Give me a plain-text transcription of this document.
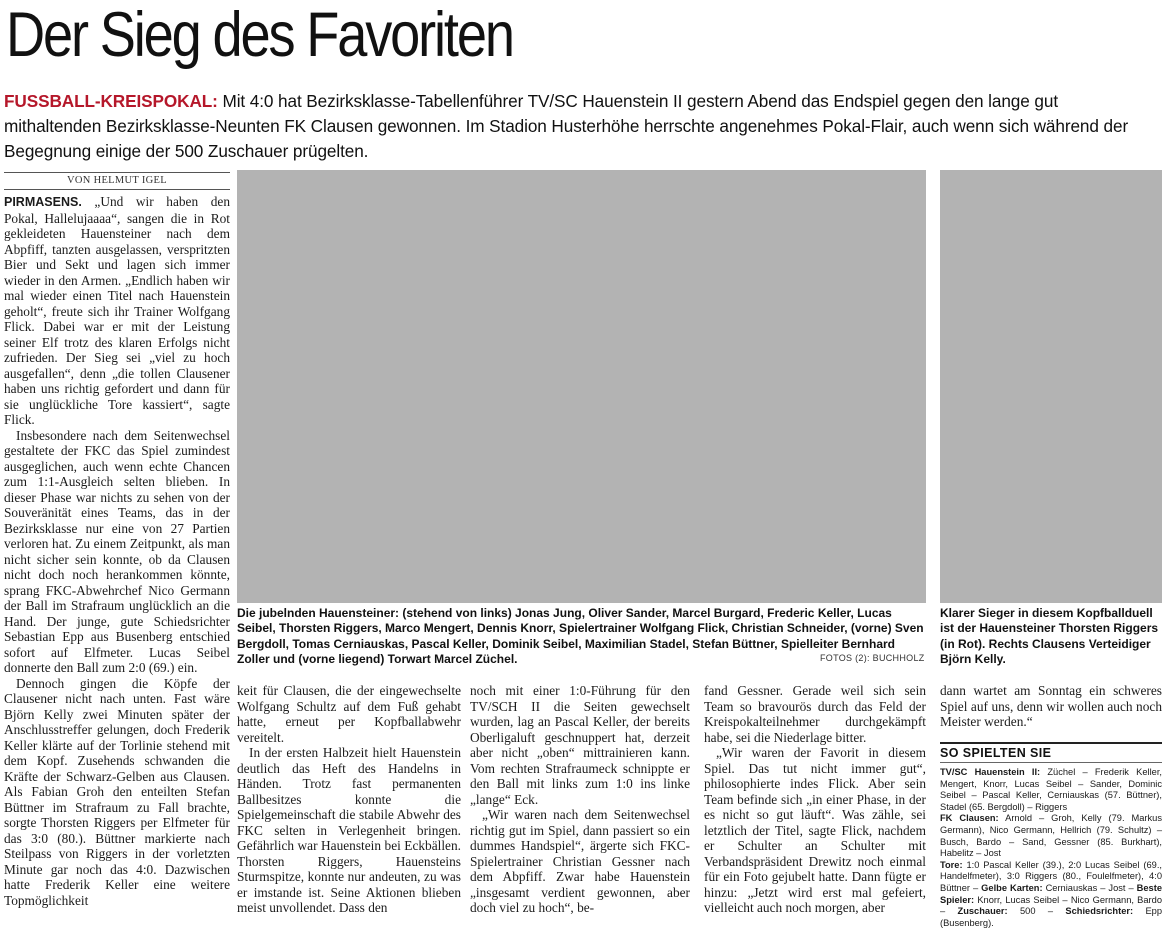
Der Sieg des Favoriten
FUSSBALL-KREISPOKAL: Mit 4:0 hat Bezirksklasse-Tabellenführer TV/SC Hauenstein II gestern Abend das Endspiel gegen den lange gut mithaltenden Bezirksklasse-Neunten FK Clausen gewonnen. Im Stadion Husterhöhe herrschte angenehmes Pokal-Flair, auch wenn sich während der Begegnung einige der 500 Zuschauer prügelten.
VON HELMUT IGEL

PIRMASENS. „Und wir haben den Pokal, Hallelujaaaa“, sangen die in Rot gekleideten Hauensteiner nach dem Abpfiff, tanzten ausgelassen, verspritzten Bier und Sekt und lagen sich immer wieder in den Armen. „Endlich haben wir mal wieder einen Titel nach Hauenstein geholt“, freute sich ihr Trainer Wolfgang Flick. Dabei war er mit der Leistung seiner Elf trotz des klaren Erfolgs nicht zufrieden. Der Sieg sei „viel zu hoch ausgefallen“, denn „die tollen Clausener haben uns richtig gefordert und dann für sie unglückliche Tore kassiert“, sagte Flick.

Insbesondere nach dem Seitenwechsel gestaltete der FKC das Spiel zumindest ausgeglichen, auch wenn echte Chancen zum 1:1-Ausgleich selten blieben. In dieser Phase war nichts zu sehen von der Souveränität eines Teams, das in der Bezirksklasse nur eine von 27 Partien verloren hat. Zu einem Zeitpunkt, als man nicht sicher sein konnte, ob da Clausen nicht doch noch herankommen könnte, sprang FKC-Abwehrchef Nico Germann der Ball im Strafraum unglücklich an die Hand. Der junge, gute Schiedsrichter Sebastian Epp aus Busenberg entschied sofort auf Elfmeter. Lucas Seibel donnerte den Ball zum 2:0 (69.) ein.

Dennoch gingen die Köpfe der Clausener nicht nach unten. Fast wäre Björn Kelly zwei Minuten später der Anschlusstreffer gelungen, doch Frederik Keller klärte auf der Torlinie stehend mit dem Kopf. Zusehends schwanden die Kräfte der Schwarz-Gelben aus Clausen. Als Fabian Groh den enteilten Stefan Büttner im Strafraum zu Fall brachte, sorgte Thorsten Riggers per Elfmeter für das 3:0 (80.). Büttner markierte nach Steilpass von Riggers in der vorletzten Minute gar noch das 4:0. Dazwischen hatte Frederik Keller eine weitere Topmöglichkeit

Die jubelnden Hauensteiner: (stehend von links) Jonas Jung, Oliver Sander, Marcel Burgard, Frederic Keller, Lucas Seibel, Thorsten Riggers, Marco Mengert, Dennis Knorr, Spielertrainer Wolfgang Flick, Christian Schneider, (vorne) Sven Bergdoll, Tomas Cerniauskas, Pascal Keller, Dominik Seibel, Maximilian Stadel, Stefan Büttner, Spielleiter Bernhard Zoller und (vorne liegend) Torwart Marcel Züchel.	FOTOS (2): BUCHHOLZ
Klarer Sieger in diesem Kopfballduell ist der Hauensteiner Thorsten Riggers (in Rot). Rechts Clausens Verteidiger Björn Kelly.

keit für Clausen, die der eingewechselte Wolfgang Schultz auf dem Fuß gehabt hatte, erneut per Kopfballabwehr vereitelt.

In der ersten Halbzeit hielt Hauenstein deutlich das Heft des Handelns in Händen. Trotz fast permanenten Ballbesitzes konnte die Spielgemeinschaft die stabile Abwehr des FKC selten in Verlegenheit bringen. Gefährlich war Hauenstein bei Eckbällen. Thorsten Riggers, Hauensteins Sturmspitze, konnte nur andeuten, zu was er imstande ist. Seine Aktionen blieben meist unvollendet. Dass den

noch mit einer 1:0-Führung für den TV/SCH II die Seiten gewechselt wurden, lag an Pascal Keller, der bereits Oberligaluft geschnuppert hat, derzeit aber nicht „oben“ mittrainieren kann. Vom rechten Strafraumeck schnippte er den Ball mit links zum 1:0 ins linke „lange“ Eck.

„Wir waren nach dem Seitenwechsel richtig gut im Spiel, dann passiert so ein dummes Handspiel“, ärgerte sich FKC-Spielertrainer Christian Gessner nach dem Abpfiff. Zwar habe Hauenstein „insgesamt verdient gewonnen, aber doch viel zu hoch“, be-

fand Gessner. Gerade weil sich sein Team so bravourös durch das Feld der Kreispokalteilnehmer durchgekämpft habe, sei die Niederlage bitter.

„Wir waren der Favorit in diesem Spiel. Das tut nicht immer gut“, philosophierte indes Flick. Aber sein Team befinde sich „in einer Phase, in der es nicht so gut läuft“. Was zähle, sei letztlich der Titel, sagte Flick, nachdem er Schulter an Schulter mit Verbandspräsident Drewitz noch einmal für ein Foto gejubelt hatte. Dann fügte er hinzu: „Jetzt wird erst mal gefeiert, vielleicht auch noch morgen, aber

dann wartet am Sonntag ein schweres Spiel auf uns, denn wir wollen auch noch Meister werden.“

SO SPIELTEN SIE

TV/SC Hauenstein II: Züchel – Frederik Keller, Mengert, Knorr, Lucas Seibel – Sander, Dominic Seibel – Pascal Keller, Cerniauskas (57. Büttner), Stadel (65. Bergdoll) – Riggers

FK Clausen: Arnold – Groh, Kelly (79. Markus Germann), Nico Germann, Hellrich (79. Schultz) – Busch, Bardo – Sand, Gessner (85. Burkhart), Habelitz – Jost

Tore: 1:0 Pascal Keller (39.), 2:0 Lucas Seibel (69., Handelfmeter), 3:0 Riggers (80., Foulelfmeter), 4:0 Büttner – Gelbe Karten: Cerniauskas – Jost – Beste Spieler: Knorr, Lucas Seibel – Nico Germann, Bardo – Zuschauer: 500 – Schiedsrichter: Epp (Busenberg).
